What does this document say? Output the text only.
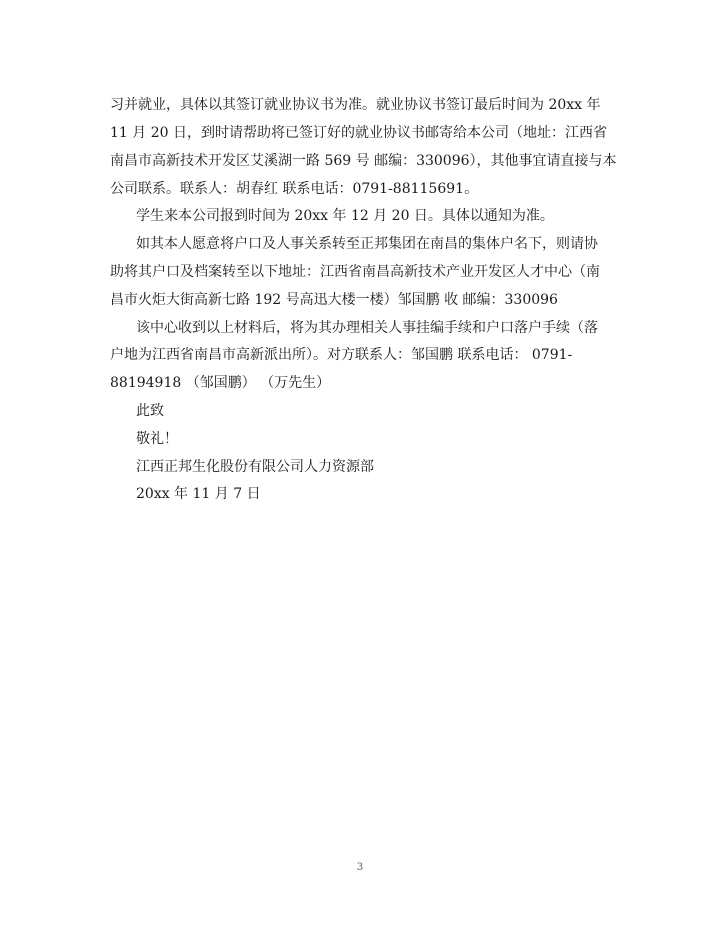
习并就业，具体以其签订就业协议书为准。就业协议书签订最后时间为 20xx 年
11 月 20 日，到时请帮助将已签订好的就业协议书邮寄给本公司（地址：江西省
南昌市高新技术开发区艾溪湖一路 569 号 邮编：330096），其他事宜请直接与本
公司联系。联系人：胡春红 联系电话：0791-88115691。
学生来本公司报到时间为 20xx 年 12 月 20 日。具体以通知为准。
如其本人愿意将户口及人事关系转至正邦集团在南昌的集体户名下，则请协
助将其户口及档案转至以下地址：江西省南昌高新技术产业开发区人才中心（南
昌市火炬大街高新七路 192 号高迅大楼一楼）邹国鹏 收 邮编：330096
该中心收到以上材料后，将为其办理相关人事挂编手续和户口落户手续（落
户地为江西省南昌市高新派出所）。对方联系人：邹国鹏 联系电话： 0791-
88194918 （邹国鹏） （万先生）
此致
敬礼！
江西正邦生化股份有限公司人力资源部
20xx 年 11 月 7 日
3
